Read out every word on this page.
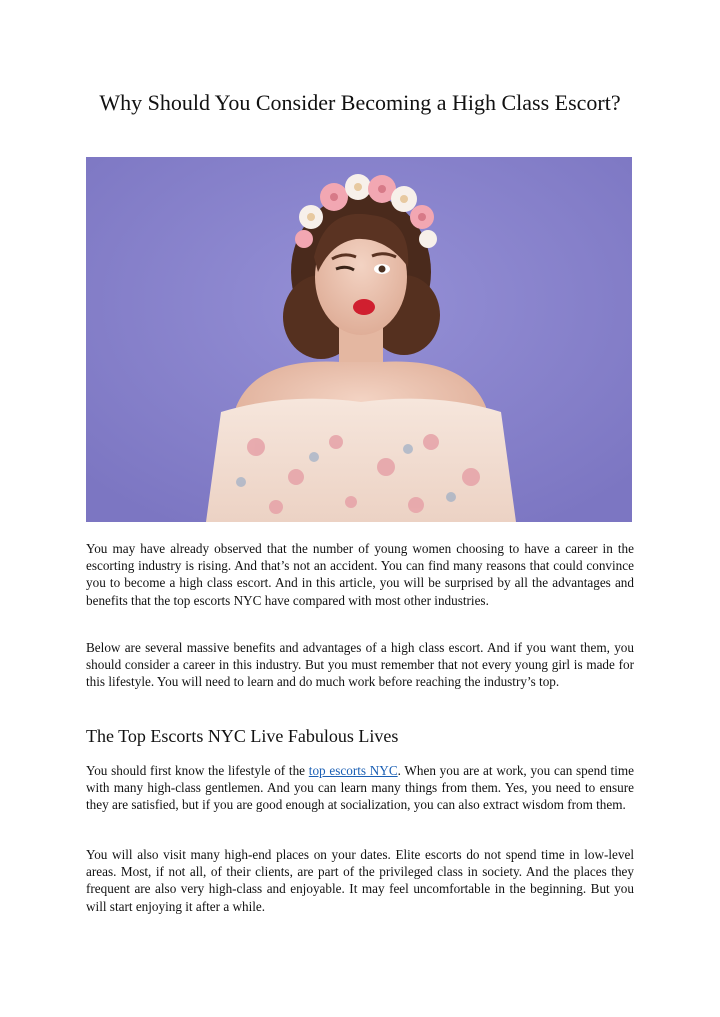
Why Should You Consider Becoming a High Class Escort?

You may have already observed that the number of young women choosing to have a career in the escorting industry is rising. And that’s not an accident. You can find many reasons that could convince you to become a high class escort. And in this article, you will be surprised by all the advantages and benefits that the top escorts NYC have compared with most other industries.

Below are several massive benefits and advantages of a high class escort. And if you want them, you should consider a career in this industry. But you must remember that not every young girl is made for this lifestyle. You will need to learn and do much work before reaching the industry’s top.

The Top Escorts NYC Live Fabulous Lives

You should first know the lifestyle of the top escorts NYC. When you are at work, you can spend time with many high-class gentlemen. And you can learn many things from them. Yes, you need to ensure they are satisfied, but if you are good enough at socialization, you can also extract wisdom from them.

You will also visit many high-end places on your dates. Elite escorts do not spend time in low-level areas. Most, if not all, of their clients, are part of the privileged class in society. And the places they frequent are also very high-class and enjoyable. It may feel uncomfortable in the beginning. But you will start enjoying it after a while.
